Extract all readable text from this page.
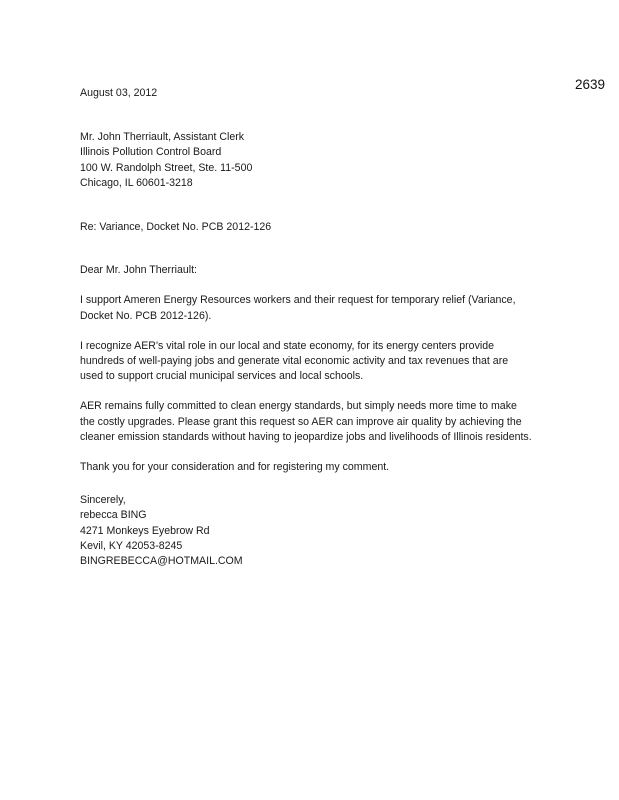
2639
August 03, 2012
Mr. John Therriault, Assistant Clerk
Illinois Pollution Control Board
100 W. Randolph Street, Ste. 11-500
Chicago, IL 60601-3218
Re: Variance, Docket No. PCB 2012-126
Dear Mr. John Therriault:
I support Ameren Energy Resources workers and their request for temporary relief (Variance,
Docket No. PCB 2012-126).
I recognize AER's vital role in our local and state economy, for its energy centers provide
hundreds of well-paying jobs and generate vital economic activity and tax revenues that are
used to support crucial municipal services and local schools.
AER remains fully committed to clean energy standards, but simply needs more time to make
the costly upgrades. Please grant this request so AER can improve air quality by achieving the
cleaner emission standards without having to jeopardize jobs and livelihoods of Illinois residents.
Thank you for your consideration and for registering my comment.
Sincerely,
rebecca BING
4271 Monkeys Eyebrow Rd
Kevil, KY 42053-8245
BINGREBECCA@HOTMAIL.COM
